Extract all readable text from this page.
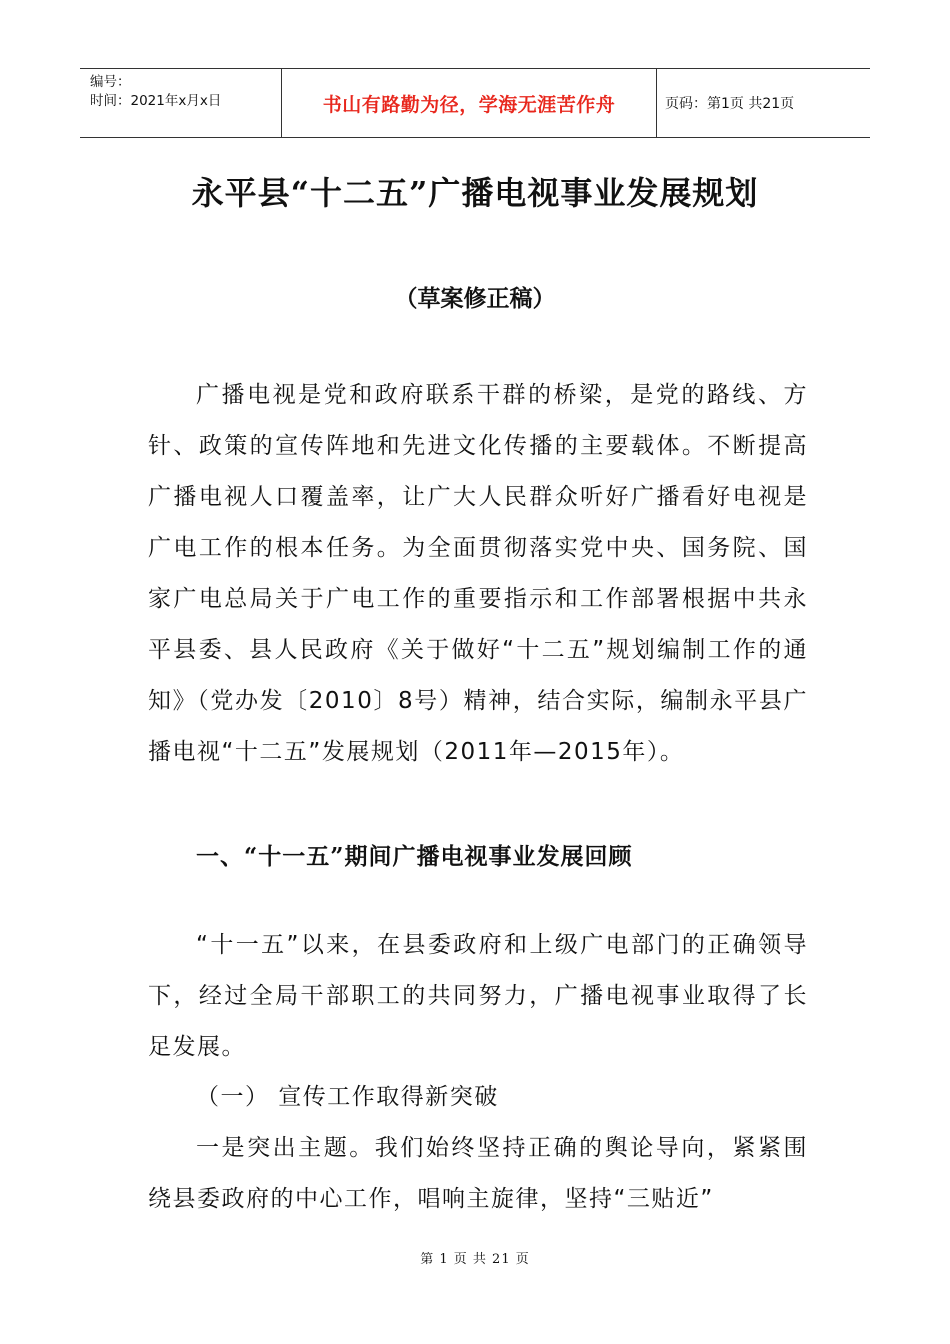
编号：
时间：2021年x月x日	书山有路勤为径，学海无涯苦作舟	页码：第1页 共21页
永平县“十二五”广播电视事业发展规划
（草案修正稿）

广播电视是党和政府联系干群的桥梁，是党的路线、方针、政策的宣传阵地和先进文化传播的主要载体。不断提高广播电视人口覆盖率，让广大人民群众听好广播看好电视是广电工作的根本任务。为全面贯彻落实党中央、国务院、国家广电总局关于广电工作的重要指示和工作部署根据中共永平县委、县人民政府《关于做好“十二五”规划编制工作的通知》（党办发〔2010〕8号）精神，结合实际，编制永平县广播电视“十二五”发展规划（2011年—2015年）。

一、“十一五”期间广播电视事业发展回顾

“十一五”以来，在县委政府和上级广电部门的正确领导下，经过全局干部职工的共同努力，广播电视事业取得了长足发展。

（一） 宣传工作取得新突破

一是突出主题。我们始终坚持正确的舆论导向，紧紧围绕县委政府的中心工作，唱响主旋律，坚持“三贴近”

第 1 页 共 21 页
